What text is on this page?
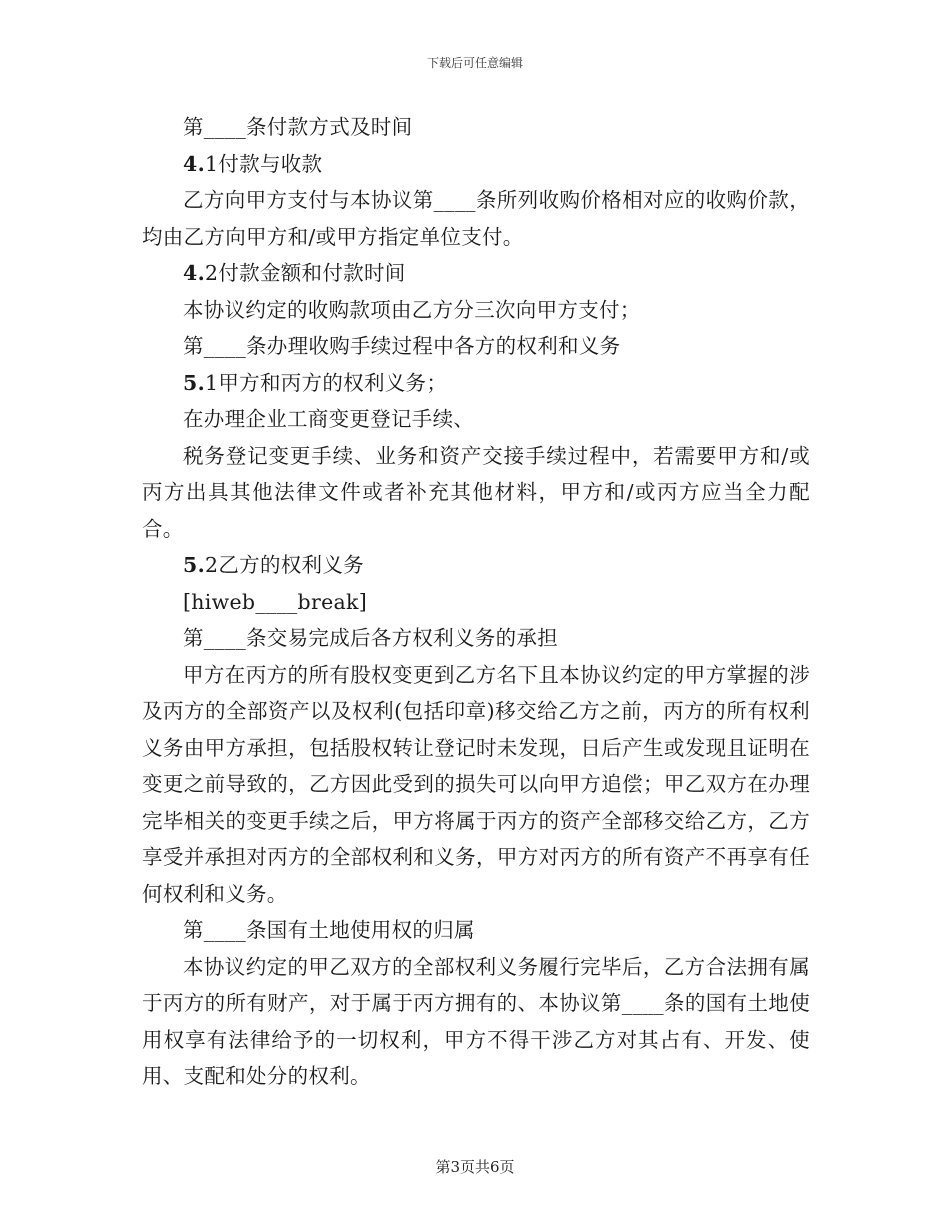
下载后可任意编辑

第____条付款方式及时间

4.1付款与收款

乙方向甲方支付与本协议第____条所列收购价格相对应的收购价款，均由乙方向甲方和/或甲方指定单位支付。

4.2付款金额和付款时间

本协议约定的收购款项由乙方分三次向甲方支付；

第____条办理收购手续过程中各方的权利和义务

5.1甲方和丙方的权利义务；

在办理企业工商变更登记手续、

税务登记变更手续、业务和资产交接手续过程中，若需要甲方和/或丙方出具其他法律文件或者补充其他材料，甲方和/或丙方应当全力配合。

5.2乙方的权利义务

[hiweb____break]

第____条交易完成后各方权利义务的承担

甲方在丙方的所有股权变更到乙方名下且本协议约定的甲方掌握的涉及丙方的全部资产以及权利(包括印章)移交给乙方之前，丙方的所有权利义务由甲方承担，包括股权转让登记时未发现，日后产生或发现且证明在变更之前导致的，乙方因此受到的损失可以向甲方追偿；甲乙双方在办理完毕相关的变更手续之后，甲方将属于丙方的资产全部移交给乙方，乙方享受并承担对丙方的全部权利和义务，甲方对丙方的所有资产不再享有任何权利和义务。

第____条国有土地使用权的归属

本协议约定的甲乙双方的全部权利义务履行完毕后，乙方合法拥有属于丙方的所有财产，对于属于丙方拥有的、本协议第____条的国有土地使用权享有法律给予的一切权利，甲方不得干涉乙方对其占有、开发、使用、支配和处分的权利。

第3页共6页
